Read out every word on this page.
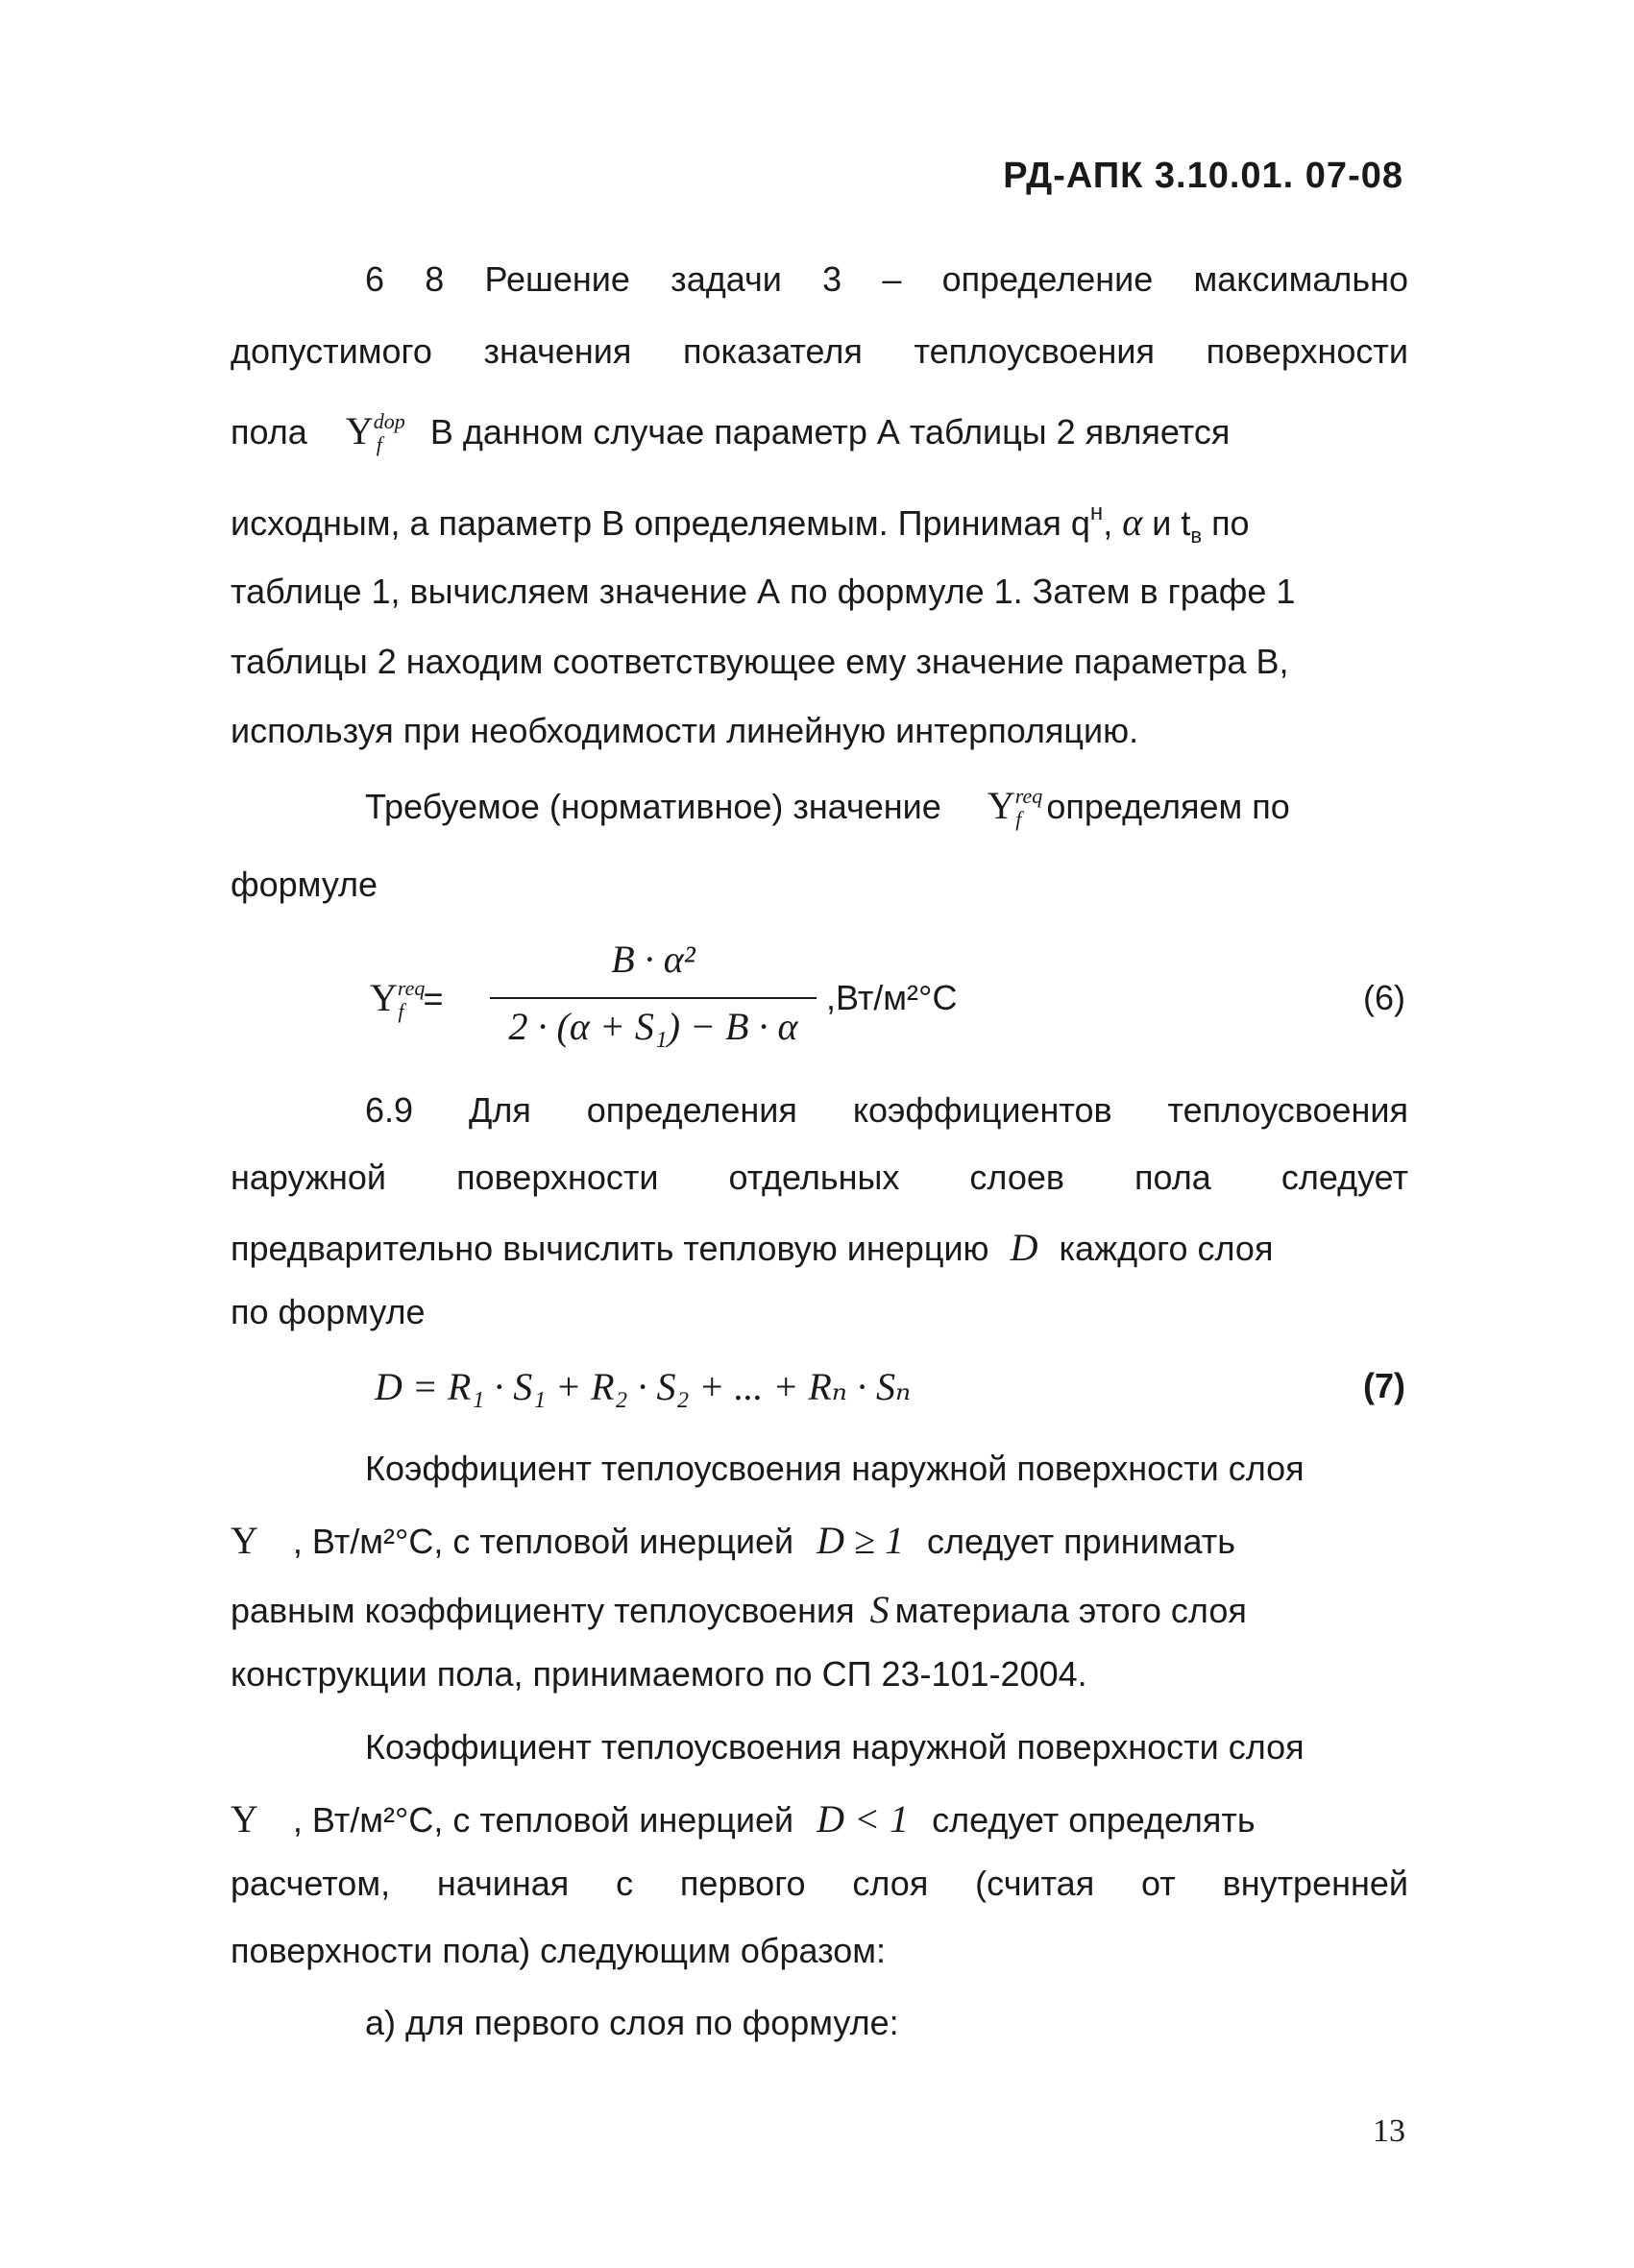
РД-АПК 3.10.01. 07-08
6 8 Решение задачи 3 – определение максимально
допустимого значения показателя теплоусвоения поверхности
пола $Y^{dop}_f$ В данном случае параметр А таблицы 2 является
исходным, а параметр В определяемым. Принимая $q^н$, α и $t_в$ по
таблице 1, вычисляем значение А по формуле 1. Затем в графе 1
таблицы 2 находим соответствующее ему значение параметра В,
используя при необходимости линейную интерполяцию.
Требуемое (нормативное) значение $Y^{req}_f$ определяем по
формуле
$Y^{req}_f$ =
B · α²
2 · (α + S₁) − B · α
,Вт/м²°С	(6)
6.9 Для определения коэффициентов теплоусвоения
наружной поверхности отдельных слоев пола следует
предварительно вычислить тепловую инерцию D каждого слоя
по формуле
D = R₁ · S₁ + R₂ · S₂ + ... + Rₙ · Sₙ	(7)
Коэффициент теплоусвоения наружной поверхности слоя
Y , Вт/м²°С, с тепловой инерцией D ≥ 1 следует принимать
равным коэффициенту теплоусвоения S материала этого слоя
конструкции пола, принимаемого по СП 23-101-2004.
Коэффициент теплоусвоения наружной поверхности слоя
Y , Вт/м²°С, с тепловой инерцией D < 1 следует определять
расчетом, начиная с первого слоя (считая от внутренней
поверхности пола) следующим образом:
а) для первого слоя по формуле:
13
